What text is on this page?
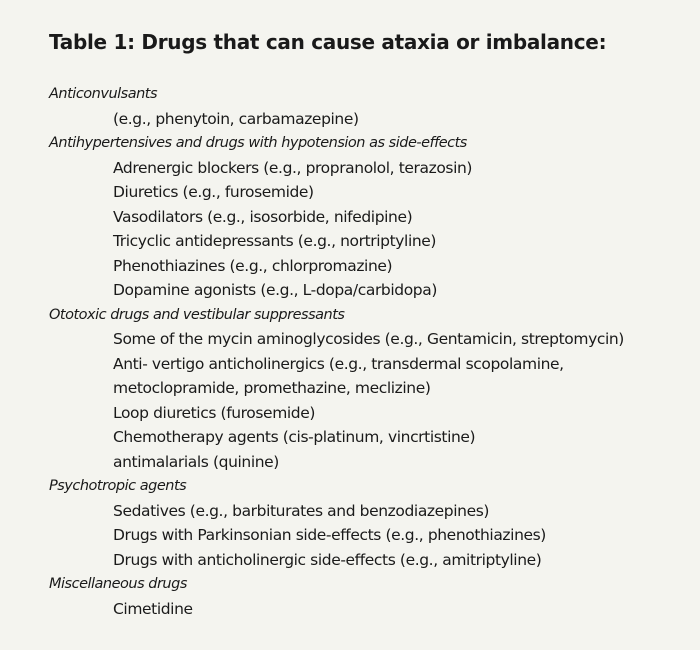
Table 1: Drugs that can cause ataxia or imbalance:
Anticonvulsants
(e.g., phenytoin, carbamazepine)
Antihypertensives and drugs with hypotension as side-effects
Adrenergic blockers (e.g., propranolol, terazosin)
Diuretics (e.g., furosemide)
Vasodilators (e.g., isosorbide, nifedipine)
Tricyclic antidepressants (e.g., nortriptyline)
Phenothiazines (e.g., chlorpromazine)
Dopamine agonists (e.g., L-dopa/carbidopa)
Ototoxic drugs and vestibular suppressants
Some of the mycin aminoglycosides (e.g., Gentamicin, streptomycin)
Anti- vertigo anticholinergics (e.g., transdermal scopolamine,
metoclopramide, promethazine, meclizine)
Loop diuretics (furosemide)
Chemotherapy agents (cis-platinum, vincrtistine)
antimalarials (quinine)
Psychotropic agents
Sedatives (e.g., barbiturates and benzodiazepines)
Drugs with Parkinsonian side-effects (e.g., phenothiazines)
Drugs with anticholinergic side-effects (e.g., amitriptyline)
Miscellaneous drugs
Cimetidine
